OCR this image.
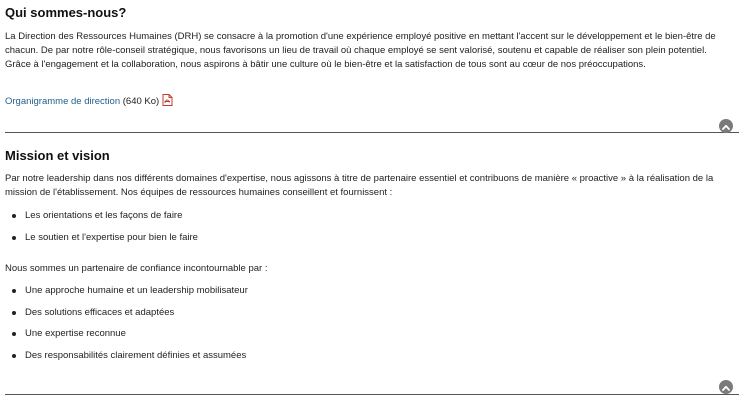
Qui sommes-nous?

La Direction des Ressources Humaines (DRH) se consacre à la promotion d'une expérience employé positive en mettant l'accent sur le développement et le bien-être de chacun. De par notre rôle-conseil stratégique, nous favorisons un lieu de travail où chaque employé se sent valorisé, soutenu et capable de réaliser son plein potentiel. Grâce à l'engagement et la collaboration, nous aspirons à bâtir une culture où le bien-être et la satisfaction de tous sont au cœur de nos préoccupations.

Organigramme de direction (640 Ko)
Mission et vision

Par notre leadership dans nos différents domaines d'expertise, nous agissons à titre de partenaire essentiel et contribuons de manière « proactive » à la réalisation de la mission de l'établissement. Nos équipes de ressources humaines conseillent et fournissent :

Les orientations et les façons de faire
Le soutien et l'expertise pour bien le faire

Nous sommes un partenaire de confiance incontournable par :

Une approche humaine et un leadership mobilisateur
Des solutions efficaces et adaptées
Une expertise reconnue
Des responsabilités clairement définies et assumées
